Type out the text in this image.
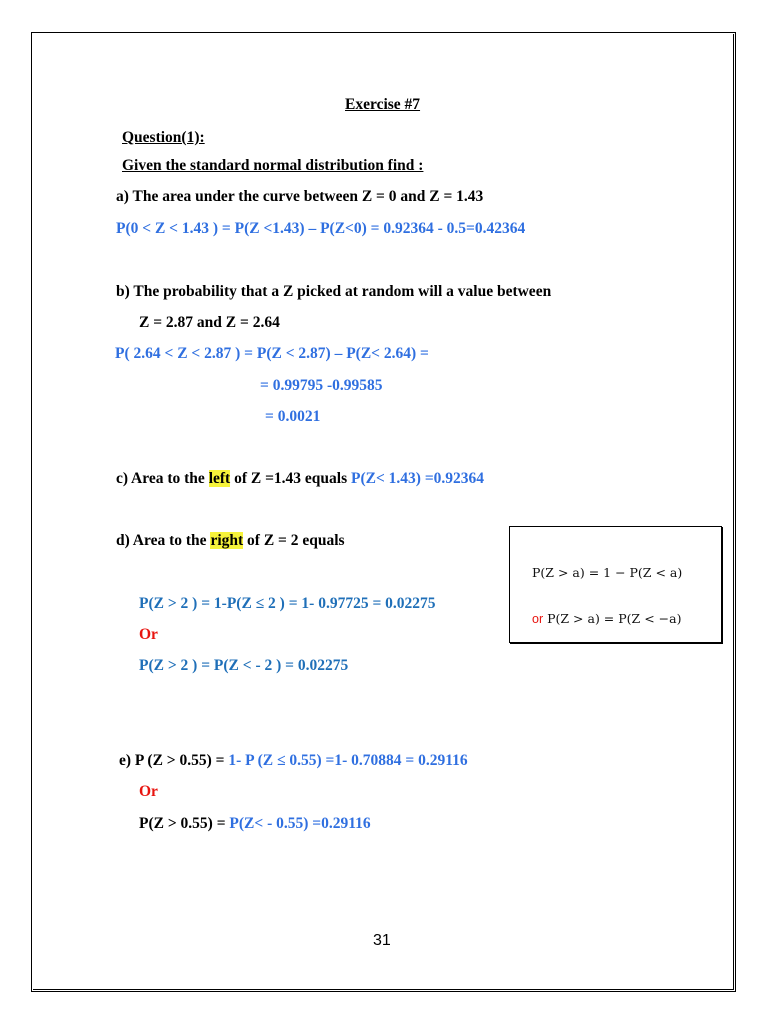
Exercise #7
Question(1):
Given the standard normal distribution find :
a) The area under the curve between Z = 0 and Z = 1.43
P(0 < Z < 1.43 ) = P(Z <1.43) – P(Z<0) = 0.92364 - 0.5=0.42364
b) The probability that a Z picked at random will a value between
Z = 2.87 and Z = 2.64
P( 2.64 < Z < 2.87 ) = P(Z < 2.87) – P(Z< 2.64) =
= 0.99795 -0.99585
= 0.0021
c) Area to the left of Z =1.43 equals P(Z< 1.43) =0.92364
d) Area to the right of Z = 2 equals
P(Z > 2 ) = 1-P(Z ≤ 2 ) = 1- 0.97725 = 0.02275
Or
P(Z > 2 ) = P(Z < - 2 ) = 0.02275
P(Z > a) = 1 − P(Z < a)
or P(Z > a) = P(Z < −a)
e) P (Z > 0.55) = 1- P (Z ≤ 0.55) =1- 0.70884 = 0.29116
Or
P(Z > 0.55) = P(Z< - 0.55) =0.29116
31
